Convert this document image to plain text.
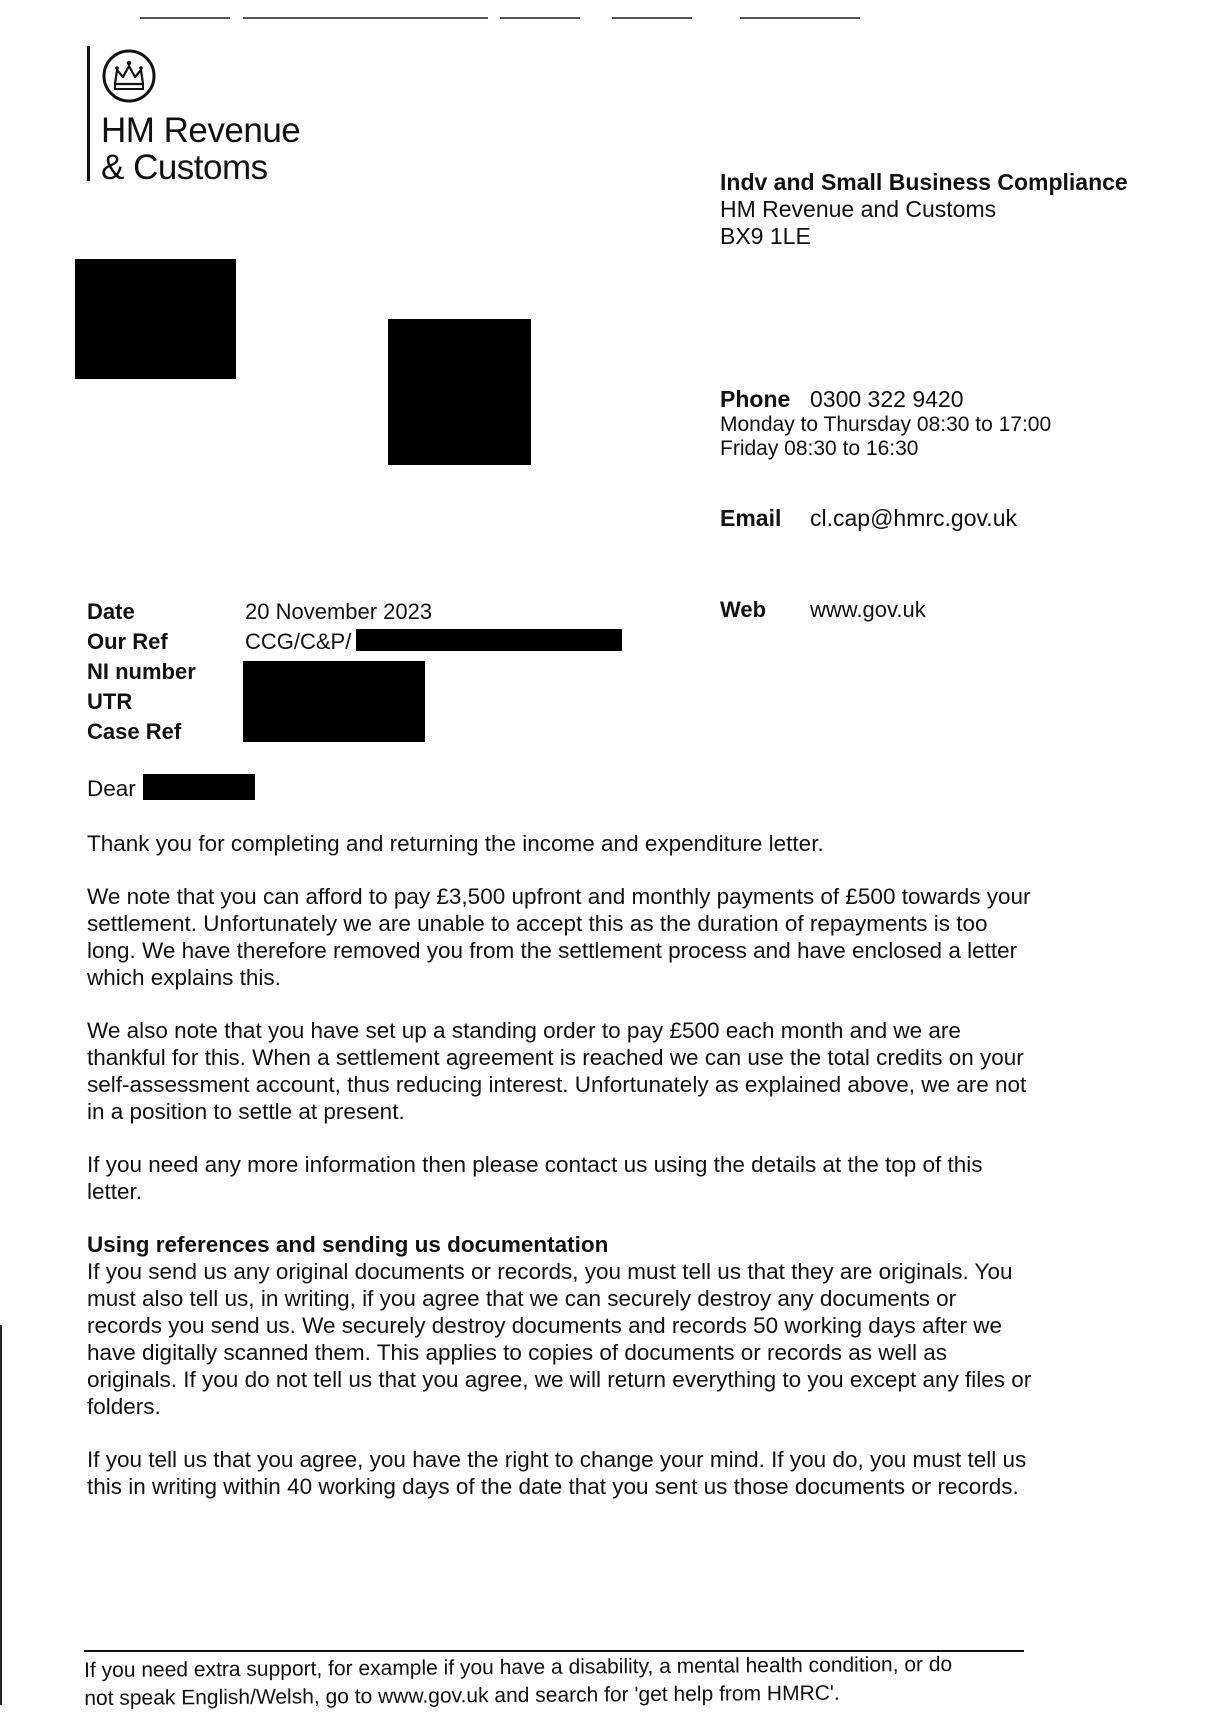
HM Revenue
& Customs	Indv and Small Business Compliance
HM Revenue and Customs
BX9 1LE
Phone 0300 322 9420
Monday to Thursday 08:30 to 17:00
Friday 08:30 to 16:30
Email cl.cap@hmrc.gov.uk
Web www.gov.uk
Date	20 November 2023
Our Ref	CCG/C&P/
NI number
UTR
Case Ref
Dear

Thank you for completing and returning the income and expenditure letter.

We note that you can afford to pay £3,500 upfront and monthly payments of £500 towards your settlement. Unfortunately we are unable to accept this as the duration of repayments is too long. We have therefore removed you from the settlement process and have enclosed a letter which explains this.

We also note that you have set up a standing order to pay £500 each month and we are thankful for this. When a settlement agreement is reached we can use the total credits on your self-assessment account, thus reducing interest. Unfortunately as explained above, we are not in a position to settle at present.

If you need any more information then please contact us using the details at the top of this letter.

Using references and sending us documentation

If you send us any original documents or records, you must tell us that they are originals. You must also tell us, in writing, if you agree that we can securely destroy any documents or records you send us. We securely destroy documents and records 50 working days after we have digitally scanned them. This applies to copies of documents or records as well as originals. If you do not tell us that you agree, we will return everything to you except any files or folders.

If you tell us that you agree, you have the right to change your mind. If you do, you must tell us this in writing within 40 working days of the date that you sent us those documents or records.

If you need extra support, for example if you have a disability, a mental health condition, or do
not speak English/Welsh, go to www.gov.uk and search for 'get help from HMRC'.
